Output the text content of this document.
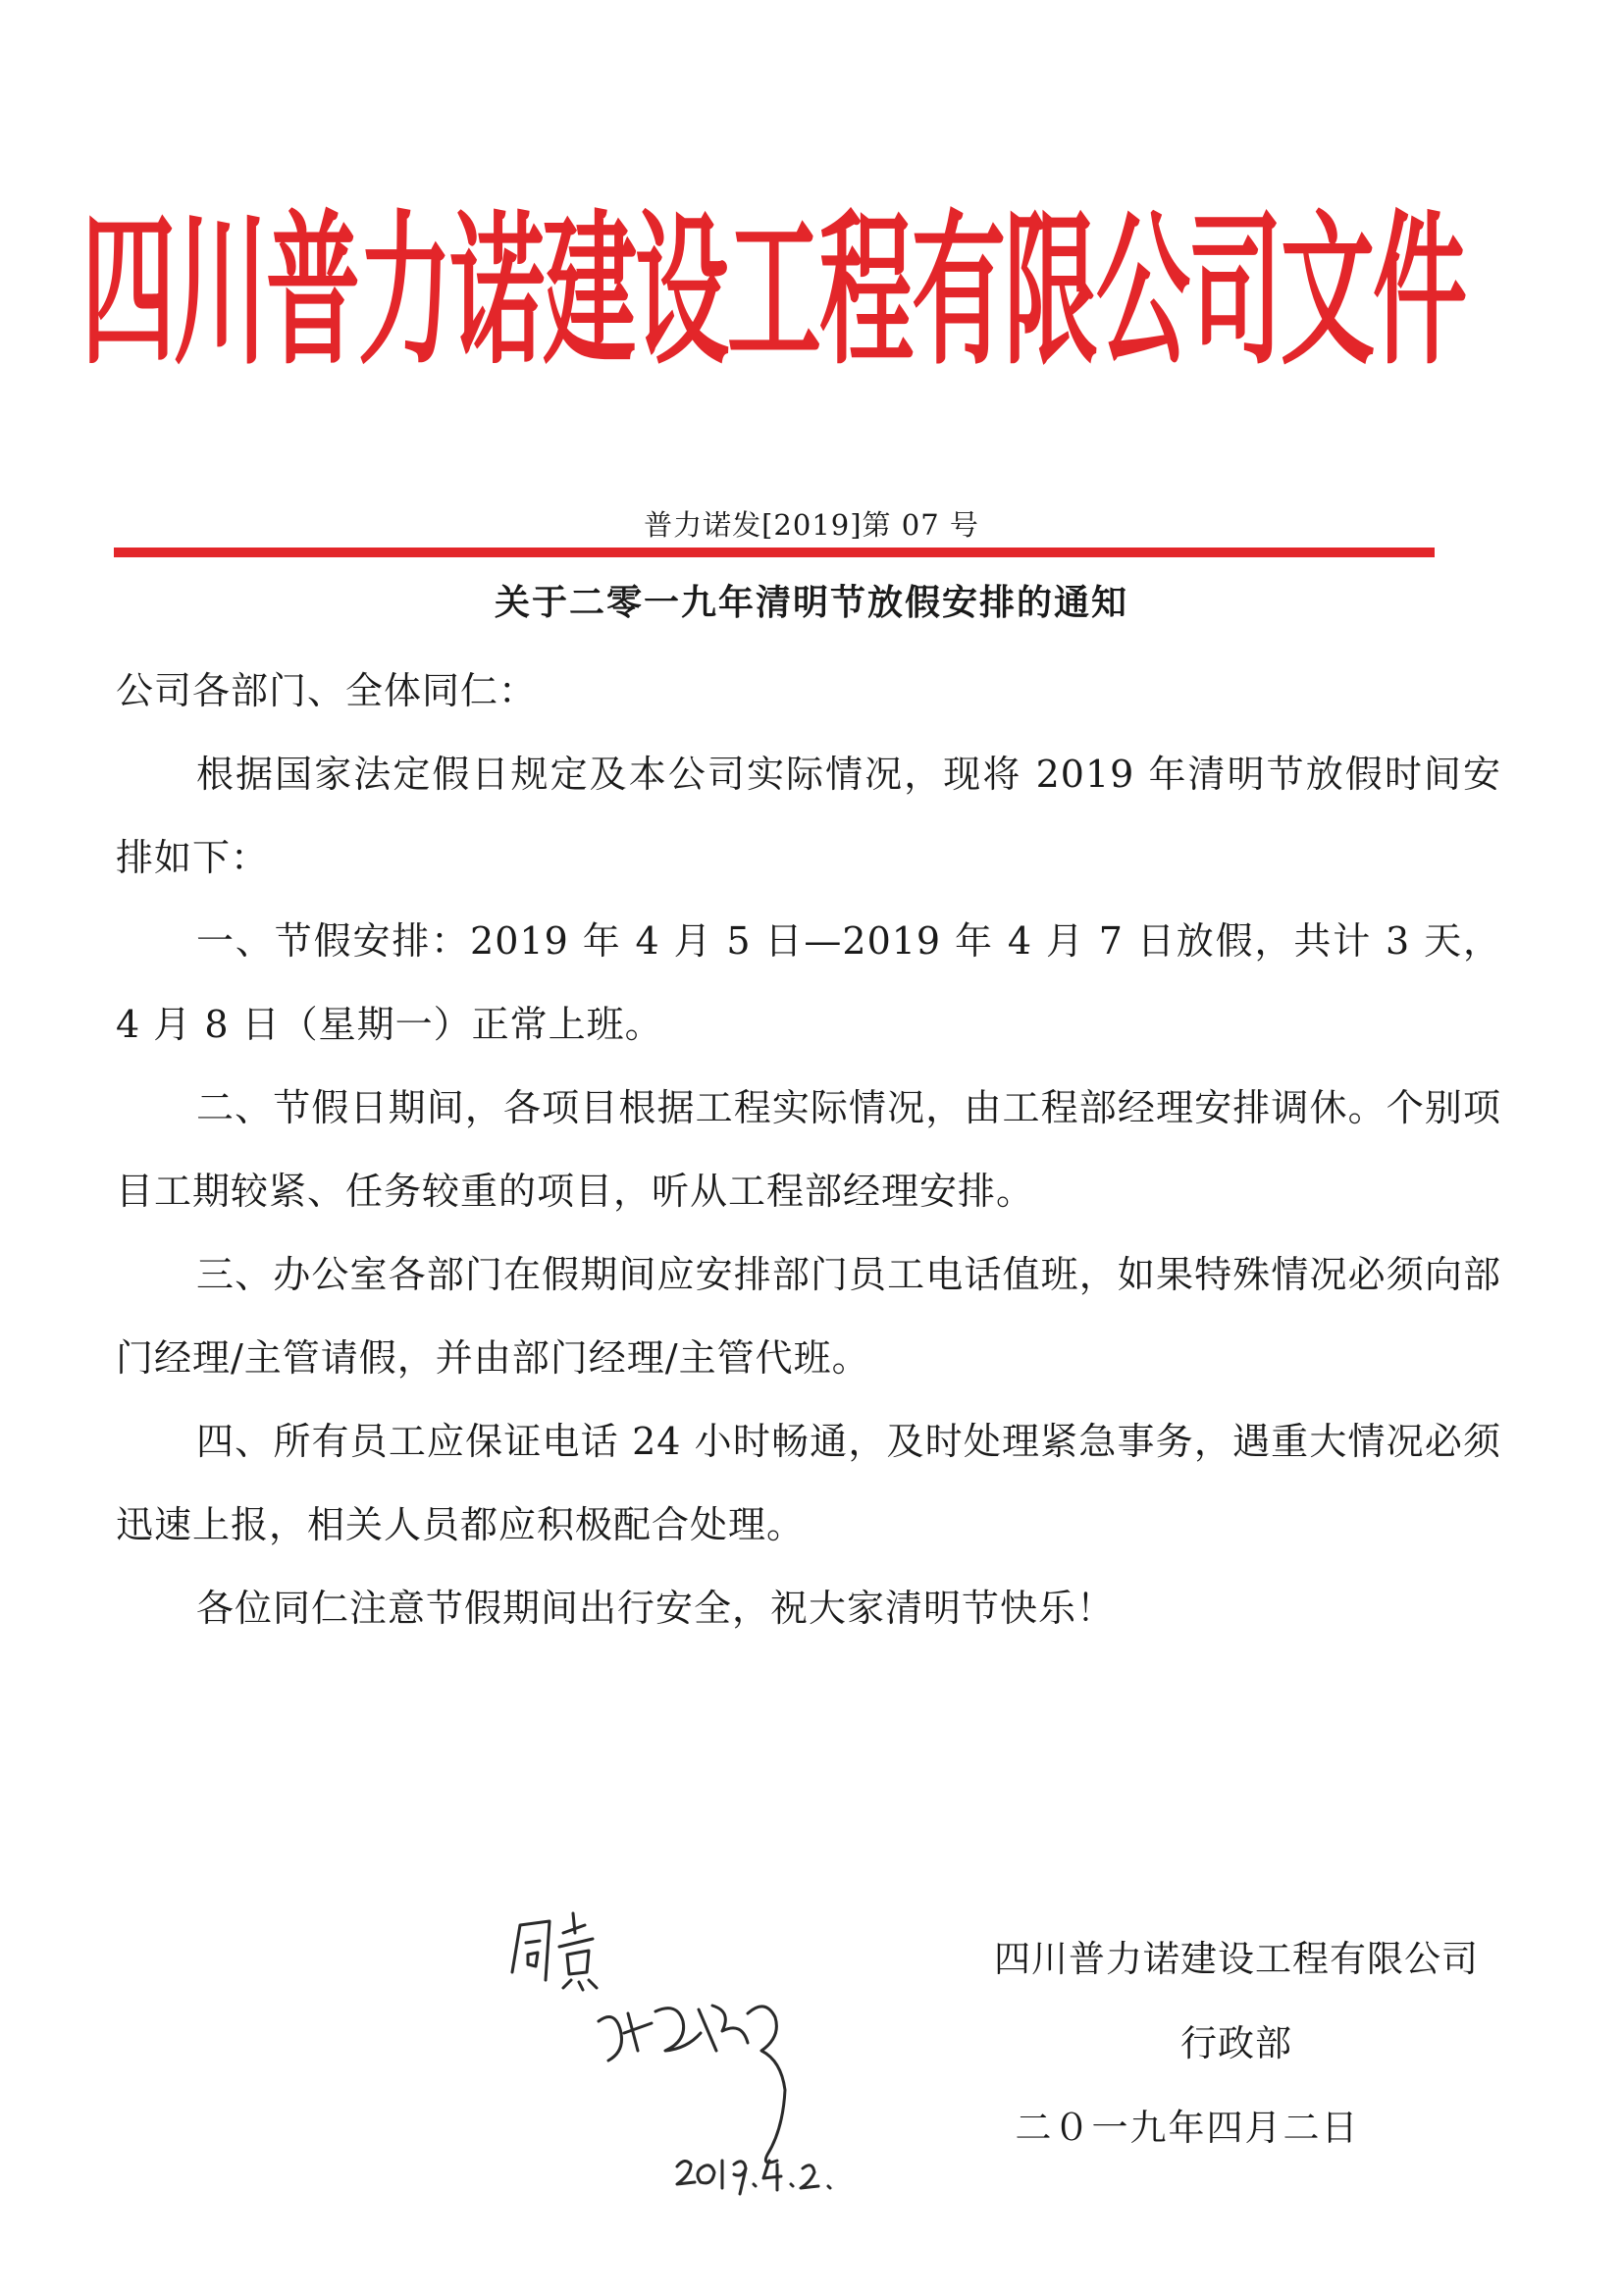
四川普力诺建设工程有限公司文件
普力诺发[2019]第 07 号
关于二零一九年清明节放假安排的通知

公司各部门、全体同仁：

根据国家法定假日规定及本公司实际情况，现将 2019 年清明节放假时间安排如下：

一、节假安排：2019 年 4 月 5 日—2019 年 4 月 7 日放假，共计 3 天， 4 月 8 日（星期一）正常上班。

二、节假日期间，各项目根据工程实际情况，由工程部经理安排调休。个别项目工期较紧、任务较重的项目，听从工程部经理安排。

三、办公室各部门在假期间应安排部门员工电话值班，如果特殊情况必须向部门经理/主管请假，并由部门经理/主管代班。

四、所有员工应保证电话 24 小时畅通，及时处理紧急事务，遇重大情况必须迅速上报，相关人员都应积极配合处理。

各位同仁注意节假期间出行安全，祝大家清明节快乐！

四川普力诺建设工程有限公司
行政部
二０一九年四月二日
